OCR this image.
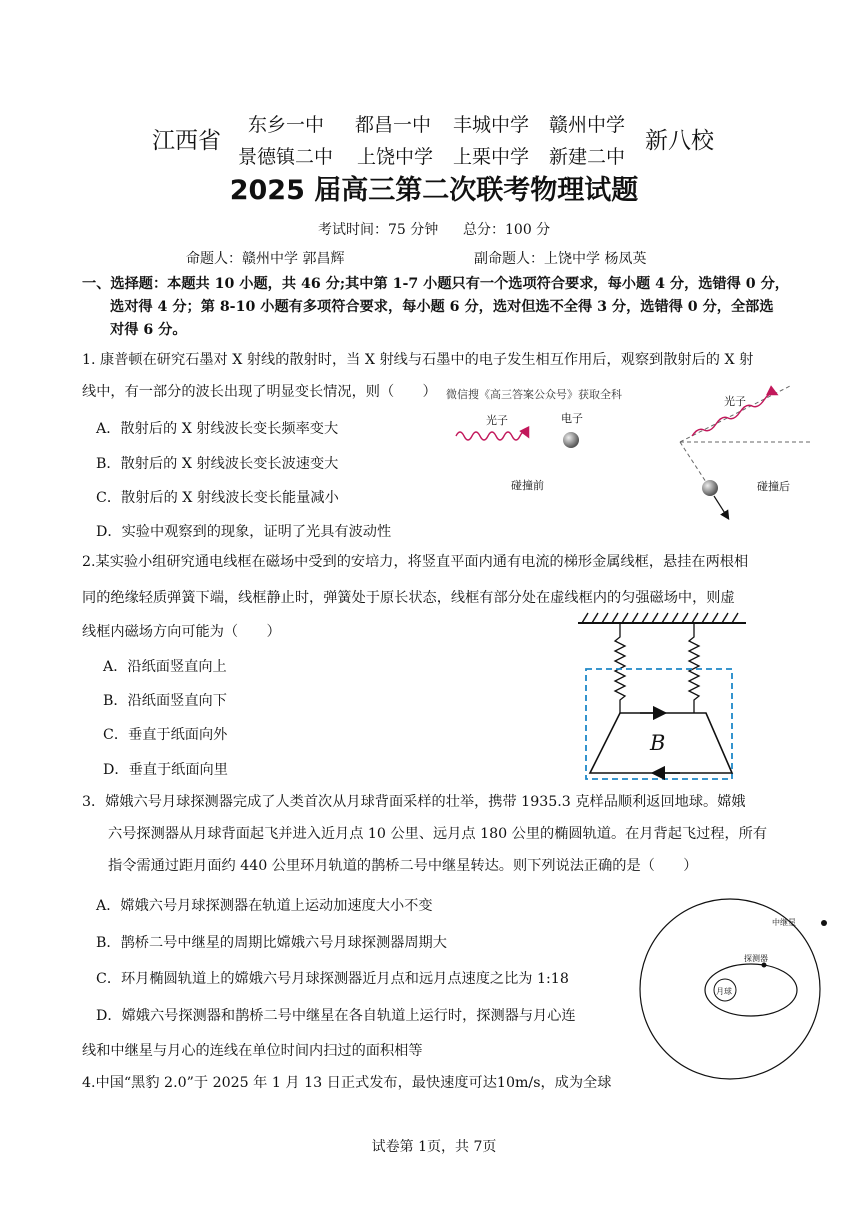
江西省
东乡一中 都昌一中 丰城中学 赣州中学
景德镇二中 上饶中学 上栗中学 新建二中
新八校
2025 届高三第二次联考物理试题
考试时间：75 分钟 总分：100 分
命题人：赣州中学 郭昌辉	副命题人：上饶中学 杨凤英
一、选择题：本题共 10 小题，共 46 分;其中第 1-7 小题只有一个选项符合要求，每小题 4 分，选错得 0 分，
选对得 4 分；第 8-10 小题有多项符合要求，每小题 6 分，选对但选不全得 3 分，选错得 0 分，全部选
对得 6 分。
1. 康普顿在研究石墨对 X 射线的散射时，当 X 射线与石墨中的电子发生相互作用后，观察到散射后的 X 射
线中，有一部分的波长出现了明显变长情况，则（　　） 微信搜《高三答案公众号》获取全科
A．散射后的 X 射线波长变长频率变大
B．散射后的 X 射线波长变长波速变大
C．散射后的 X 射线波长变长能量减小
D．实验中观察到的现象，证明了光具有波动性
光子	电子
碰撞前
光子
碰撞后
2.某实验小组研究通电线框在磁场中受到的安培力，将竖直平面内通有电流的梯形金属线框，悬挂在两根相
同的绝缘轻质弹簧下端，线框静止时，弹簧处于原长状态，线框有部分处在虚线框内的匀强磁场中，则虚
线框内磁场方向可能为（　　）
A．沿纸面竖直向上
B．沿纸面竖直向下
C．垂直于纸面向外
D．垂直于纸面向里
B
3．嫦娥六号月球探测器完成了人类首次从月球背面采样的壮举，携带 1935.3 克样品顺利返回地球。嫦娥
六号探测器从月球背面起飞并进入近月点 10 公里、远月点 180 公里的椭圆轨道。在月背起飞过程，所有
指令需通过距月面约 440 公里环月轨道的鹊桥二号中继星转达。则下列说法正确的是（　　）
A．嫦娥六号月球探测器在轨道上运动加速度大小不变
B．鹊桥二号中继星的周期比嫦娥六号月球探测器周期大
C．环月椭圆轨道上的嫦娥六号月球探测器近月点和远月点速度之比为 1:18
D．嫦娥六号探测器和鹊桥二号中继星在各自轨道上运行时，探测器与月心连
线和中继星与月心的连线在单位时间内扫过的面积相等
中继星
探测器
月球
4.中国“黑豹 2.0”于 2025 年 1 月 13 日正式发布，最快速度可达10m/s，成为全球
试卷第 1页，共 7页
